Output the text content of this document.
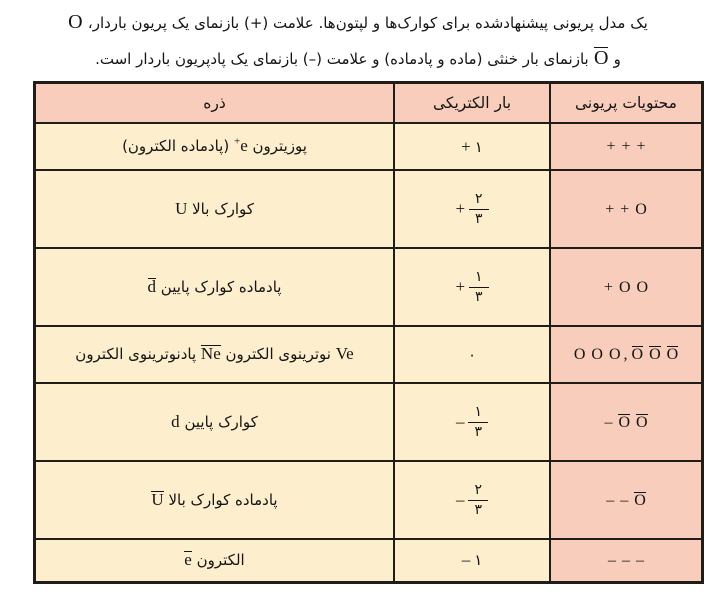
یک مدل پریونی پیشنهادشده برای کوارک‌ها و لپتون‌ها. علامت (+) بازنمای یک پریون باردار، O
و O بازنمای بار خنثی (ماده و پادماده) و علامت (–) بازنمای یک پادپریون باردار است.
ذره	بار الکتریکی	محتویات پریونی
پوزیترون +e (پادماده الکترون)	+ ۱	+ + +

کوارک بالا U	+ $\frac{۲}{۳}$	+ + O

پادماده کوارک پایین d	+ $\frac{۱}{۳}$	+ O O

Ve نوترینوی الکترون Ne پادنوترینوی الکترون	۰	O O O , O O O

کوارک پایین d	– $\frac{۱}{۳}$	– O O

پادماده کوارک بالا U	– $\frac{۲}{۳}$	– – O

الکترون e	– ۱	– – –
